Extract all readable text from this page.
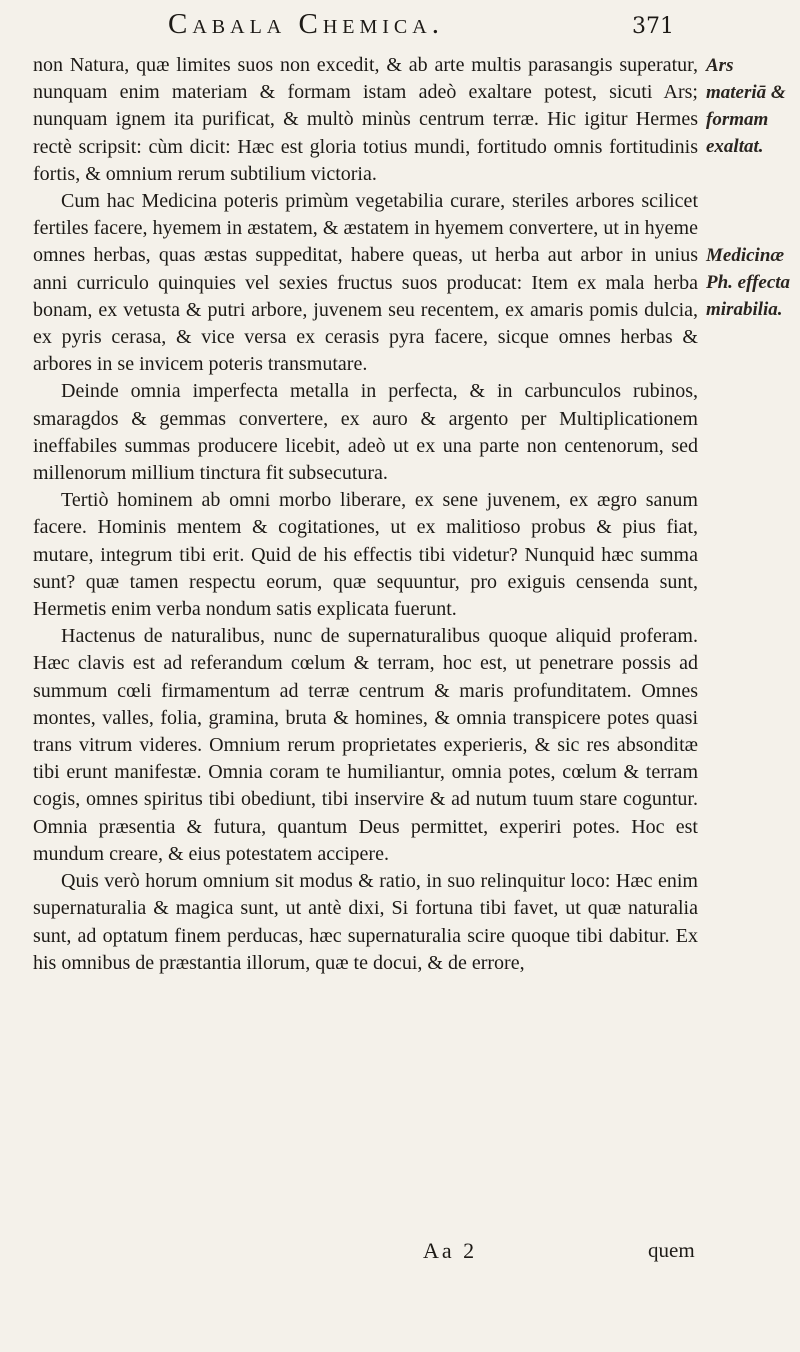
Cabala Chemica.	371
Ars materiā & formam exaltat.
Medicinæ Ph. effecta mirabilia.

non Natura, quæ limites suos non excedit, & ab arte multis parasangis superatur, nunquam enim materiam & formam istam adeò exaltare potest, sicuti Ars; nunquam ignem ita purificat, & multò minùs centrum terræ. Hic igitur Hermes rectè scripsit: cùm dicit: Hæc est gloria totius mundi, fortitudo omnis fortitudinis fortis, & omnium rerum subtilium victoria.

Cum hac Medicina poteris primùm vegetabilia curare, steriles arbores scilicet fertiles facere, hyemem in æstatem, & æstatem in hyemem convertere, ut in hyeme omnes herbas, quas æstas suppeditat, habere queas, ut herba aut arbor in unius anni curriculo quinquies vel sexies fructus suos producat: Item ex mala herba bonam, ex vetusta & putri arbore, juvenem seu recentem, ex amaris pomis dulcia, ex pyris cerasa, & vice versa ex cerasis pyra facere, sicque omnes herbas & arbores in se invicem poteris transmutare.

Deinde omnia imperfecta metalla in perfecta, & in carbunculos rubinos, smaragdos & gemmas convertere, ex auro & argento per Multiplicationem ineffabiles summas producere licebit, adeò ut ex una parte non centenorum, sed millenorum millium tinctura fit subsecutura.

Tertiò hominem ab omni morbo liberare, ex sene juvenem, ex ægro sanum facere. Hominis mentem & cogitationes, ut ex malitioso probus & pius fiat, mutare, integrum tibi erit. Quid de his effectis tibi videtur? Nunquid hæc summa sunt? quæ tamen respectu eorum, quæ sequuntur, pro exiguis censenda sunt, Hermetis enim verba nondum satis explicata fuerunt.

Hactenus de naturalibus, nunc de supernaturalibus quoque aliquid proferam. Hæc clavis est ad referandum cœlum & terram, hoc est, ut penetrare possis ad summum cœli firmamentum ad terræ centrum & maris profunditatem. Omnes montes, valles, folia, gramina, bruta & homines, & omnia transpicere potes quasi trans vitrum videres. Omnium rerum proprietates experieris, & sic res absonditæ tibi erunt manifestæ. Omnia coram te humiliantur, omnia potes, cœlum & terram cogis, omnes spiritus tibi obediunt, tibi inservire & ad nutum tuum stare coguntur. Omnia præsentia & futura, quantum Deus permittet, experiri potes. Hoc est mundum creare, & eius potestatem accipere.

Quis verò horum omnium sit modus & ratio, in suo relinquitur loco: Hæc enim supernaturalia & magica sunt, ut antè dixi, Si fortuna tibi favet, ut quæ naturalia sunt, ad optatum finem perducas, hæc supernaturalia scire quoque tibi dabitur. Ex his omnibus de præstantia illorum, quæ te docui, & de errore,

Aa 2	quem
